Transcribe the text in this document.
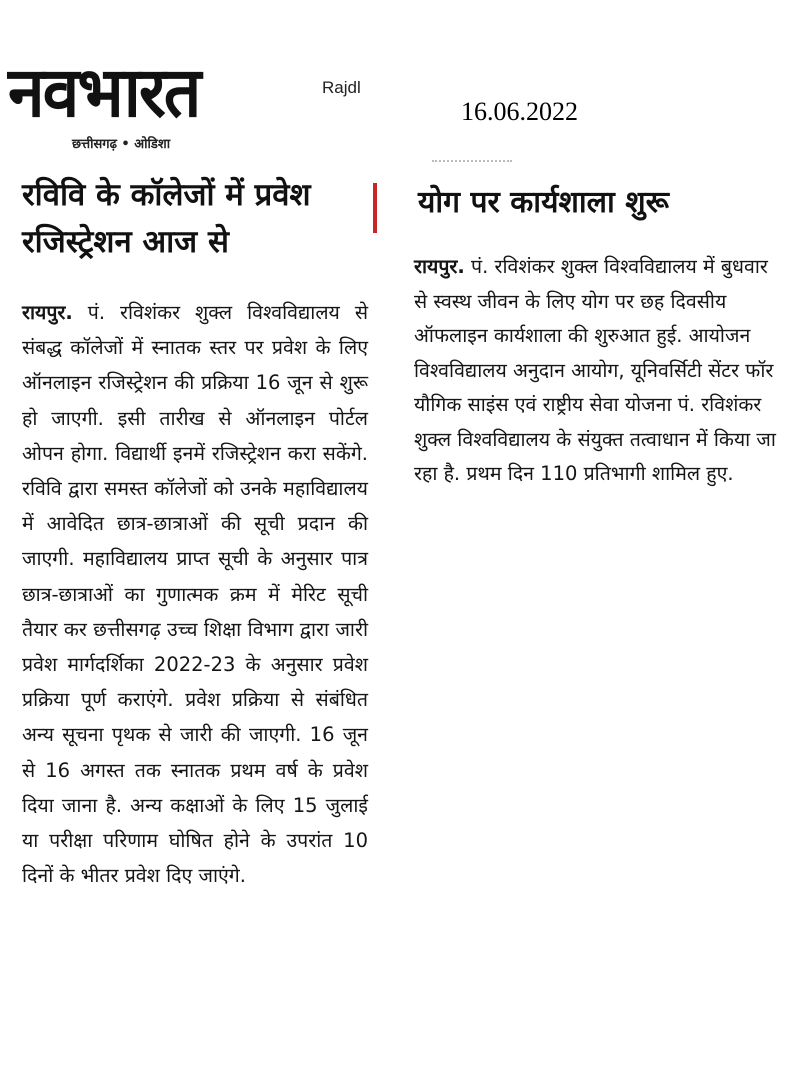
नवभारत
छत्तीसगढ़ • ओडिशा
Rajdl
16.06.2022
रविवि के कॉलेजों में प्रवेश रजिस्ट्रेशन आज से
रायपुर. पं. रविशंकर शुक्ल विश्वविद्यालय से संबद्ध कॉलेजों में स्नातक स्तर पर प्रवेश के लिए ऑनलाइन रजिस्ट्रेशन की प्रक्रिया 16 जून से शुरू हो जाएगी. इसी तारीख से ऑनलाइन पोर्टल ओपन होगा. विद्यार्थी इनमें रजिस्ट्रेशन करा सकेंगे. रविवि द्वारा समस्त कॉलेजों को उनके महाविद्यालय में आवेदित छात्र-छात्राओं की सूची प्रदान की जाएगी. महाविद्यालय प्राप्त सूची के अनुसार पात्र छात्र-छात्राओं का गुणात्मक क्रम में मेरिट सूची तैयार कर छत्तीसगढ़ उच्च शिक्षा विभाग द्वारा जारी प्रवेश मार्गदर्शिका 2022-23 के अनुसार प्रवेश प्रक्रिया पूर्ण कराएंगे. प्रवेश प्रक्रिया से संबंधित अन्य सूचना पृथक से जारी की जाएगी. 16 जून से 16 अगस्त तक स्नातक प्रथम वर्ष के प्रवेश दिया जाना है. अन्य कक्षाओं के लिए 15 जुलाई या परीक्षा परिणाम घोषित होने के उपरांत 10 दिनों के भीतर प्रवेश दिए जाएंगे.
योग पर कार्यशाला शुरू
रायपुर. पं. रविशंकर शुक्ल विश्वविद्यालय में बुधवार से स्वस्थ जीवन के लिए योग पर छह दिवसीय ऑफलाइन कार्यशाला की शुरुआत हुई. आयोजन विश्वविद्यालय अनुदान आयोग, यूनिवर्सिटी सेंटर फॉर यौगिक साइंस एवं राष्ट्रीय सेवा योजना पं. रविशंकर शुक्ल विश्वविद्यालय के संयुक्त तत्वाधान में किया जा रहा है. प्रथम दिन 110 प्रतिभागी शामिल हुए.
